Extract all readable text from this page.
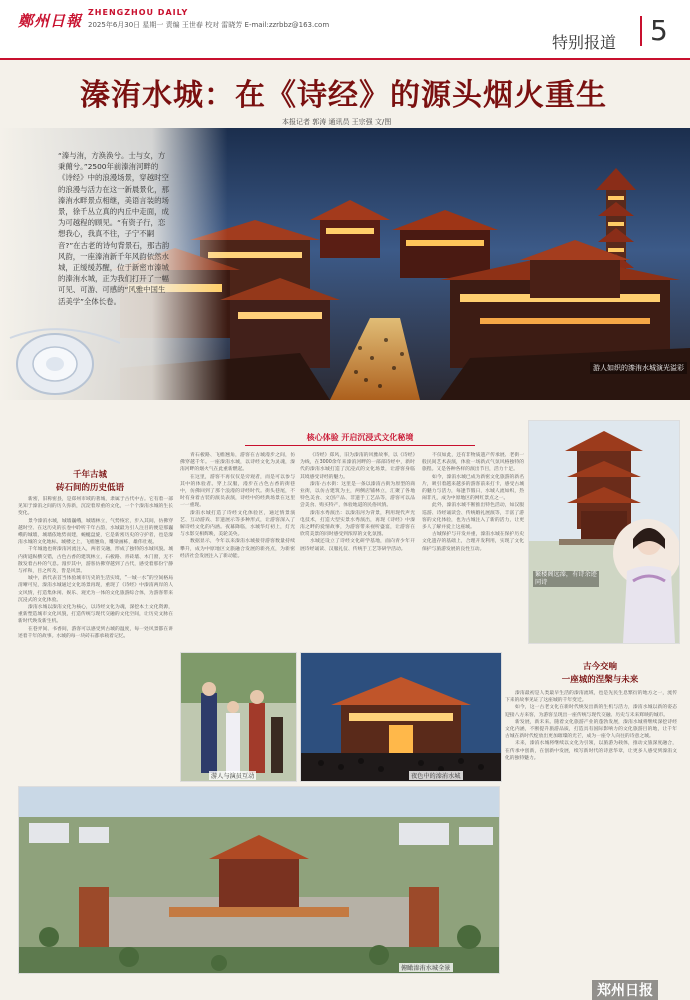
鄭州日報 ZHENGZHOU DAILY
2025年6月30日 星期一 责编 王世春 校对 雷晓芳 E-mail:zzrbbz@163.com
特别报道	5
溱洧水城：在《诗经》的源头烟火重生
本报记者 郭涛 通讯员 王宗强 文/图
“溱与洧，方涣涣兮。士与女，方秉蕑兮。”2500年前溱洧河畔的《诗经》中的浪漫场景，穿越时空的浪漫与活力在这一新晨景化，那溱洧水畔景点相继，美语言装的场景，徐千丛立真的内丘中走面，成为可越程的顾见。“有资子行，恋想我心，我真不往，子宁不嗣音?”在古老的诗句背景石，那古韵风韵，一座溱洧新千年风韵依然水城，正缓缓苏醒，位于新密市溱城的溱洧水城，正为我们打开了一幅可见、可游、可感的“风雅中国生活美学”全体长卷。
游人如织的溱洧水城演光溢彩
核心体验 开启沉浸式文化秘境
千年古城
砖石间的历史低语
新密，旧称密县，是郑州市域的著城，隶属于古代中古。它有着一部见知于溱洧之间的历久弥新，沉淀着厚重的文化，一个个溱洧水城的生长变化。
景今溱洧水城，城墙巍峨，城墙林立，气势恢宏，步入其间，仿佛穿越时空、在这历史的长卷中聆听千年古韵，水城最为引人注目的便是那巍峨的城墙，城墙依地势而建，蜿蜒盘旋，它是新密历史的守护者，也是溱洧水城的文化地标。城楼之上，飞檐翘角，雕梁画栋，雄伟壮观。
千年城池也将溱洧河流注入，两者交融，形成了独特的水城风貌。城内街道纵横交错，古色古香的建筑林立，石板路、青砖墙、木门窗，无不散发着古朴的气息。漫步其中，游客仿佛穿越到了古代，感受着那份宁静与祥和，目之所及，皆是风景。
城中，新代表首当体验城市历史的生活实境，“一城一水”的空间格局清晰可见，溱洧水城通过文化场景再现，重现了《诗经》中溱洧两岸的人文风情，打造集休闲、娱乐、观光为一体的文化旅游综合体，为游客带来沉浸式的文化体验。
溱洧水城以溱洧文化为核心，以诗经文化为魂，深挖本土文化资源，重新塑造城市文化风貌，打造传统与现代交融的文化空间，让历史文脉在新时代焕发新生机。
在巷弄间、书香间，游客可以感受到古城的温度，每一处风景都在讲述着千年的故事。水城的每一块砖石都承载着记忆。
青石板路、飞檐翘角，游客在古城漫步之间，仿佛穿越千年。一座溱洧水城，以诗经文化为灵魂，溱洧河畔的烟火气在此重新燃起。
在这里，游客不再仅仅是旁观者，而是可以参与其中的体验者。穿上汉服，漫步在古色古香的街巷中，仿佛回到了那个浪漫的诗经时代。街头巷尾，不时有身着古装的演员表演，诗经中的经典场景在这里一一重现。
溱洧水城打造了诗经文化体验区，通过情景演艺、互动游戏、非遗展示等多种形式，让游客深入了解诗经文化的内涵。夜幕降临，水城华灯初上，灯光与水影交相辉映，美轮美奂。
数据显示，今年以来溱洧水城接待游客数量持续攀升，成为中原地区文旅融合发展的新亮点，为新密经济社会发展注入了新动能。
《诗经》郑风，旧为溱洧的风雅故事，以《诗经》为线，在3000余年来溱洧河畔的一部部诗经中，新时代的溱洧水城打造了沉浸式的文化场景，让游客身临其境感受诗经的魅力。
溱洧·古水街：这里是一条以溱洧古街为原型的商业街，以仿古建筑为主，两侧店铺林立，汇聚了各地特色美食、文创产品、非遗手工艺品等，游客可以品尝美食、购买特产，体验地道的民俗风情。
溱洧水秀演出：以溱洧河为背景，利用现代声光电技术，打造大型实景水秀演出，再现《诗经》中溱洧之畔的爱情故事，为游客带来视听盛宴，让游客在欣赏美景的同时感受到浓厚的文化氛围。
水城还设立了诗经文化研学基地，面向青少年开展诗经诵读、汉服礼仪、传统手工艺等研学活动。
不仅如此，还有非物质遗产传承展、老街一般民间艺术表演，体验一场新式气氛风格独特的旅程。又是各种各样的演出节目，活力十足。
如今，溱洧水城已成为新密文化旅游的新名片，吸引着越来越多的游客前来打卡，感受古城的魅力与活力，每逢节假日，水城人流如织，热闹非凡，成为中原地区的网红景点之一。
此外，溱洧水城不断推出特色活动，如汉服巡游、诗经诵读会、传统婚礼展演等，丰富了游客的文化体验，也为古城注入了新的活力，让更多人了解并爱上这座城。
古城保护与开发并重，溱洧水城在保护历史文化遗存的基础上，合理开发利用，实现了文化保护与旅游发展的良性互动。
繁楼阁远溱，有诗余迹同诗
游人与演员互动	夜色中的溱洧水城
古今交响
一座城的涅槃与未来
溱洧最初是人类最早生活的溱洧流域，也是先民生息繁衍的地方之一，流传下来的故事见证了这座城的千年变迁。
如今，这一古老文化在新时代焕发出新的生机与活力，溱洧水城以新的姿态迎接八方来客，为游客呈现出一座传统与现代交融、历史与未来辉映的城市。
新发展，新未来。随着文化旅游产业的蓬勃发展，溱洧水城将继续深挖诗经文化内涵，不断提升旅游品质，打造具有国际影响力的文化旅游目的地，让千年古城在新时代绽放出更加璀璨的光芒，成为一座令人向往的诗意之城。
未来，溱洧水城将继续以文化为引领，以旅游为载体，推动文旅深度融合，在传承中创新，在创新中发展，续写新时代的诗意华章，让更多人感受到溱洧文化的独特魅力。
俯瞰溱洧水城全景
郑州日报
